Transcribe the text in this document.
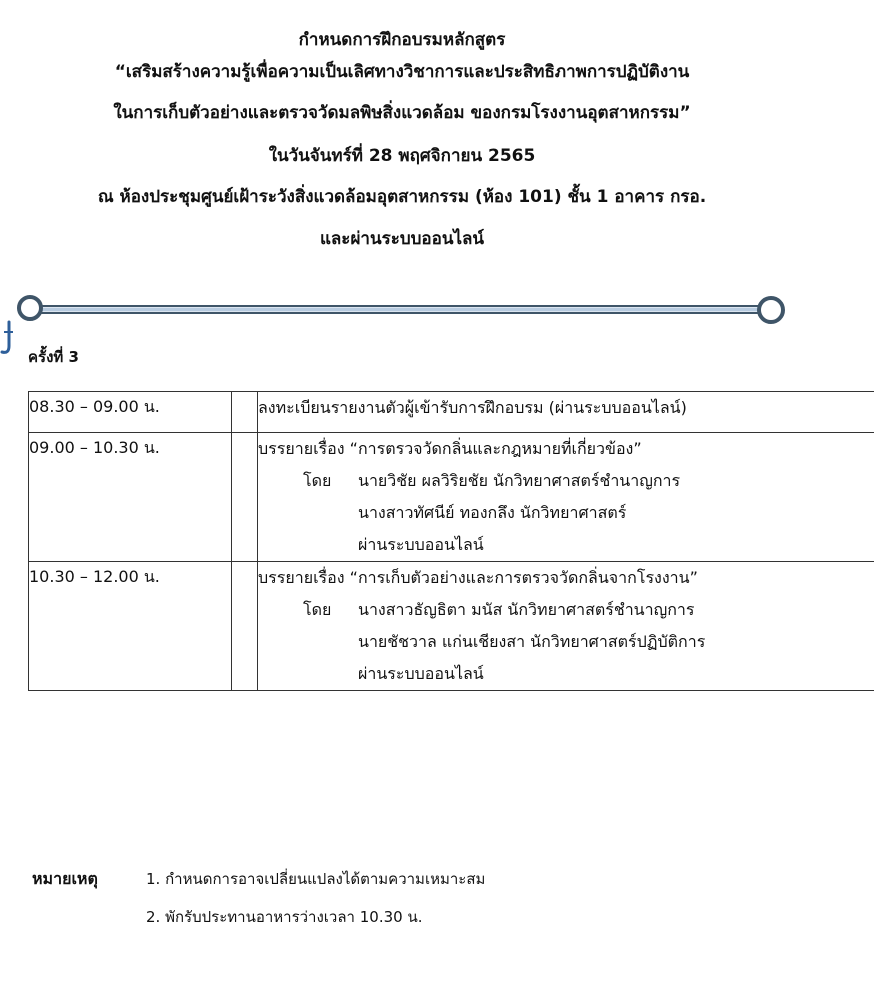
กำหนดการฝึกอบรมหลักสูตร
“เสริมสร้างความรู้เพื่อความเป็นเลิศทางวิชาการและประสิทธิภาพการปฏิบัติงาน
ในการเก็บตัวอย่างและตรวจวัดมลพิษสิ่งแวดล้อม ของกรมโรงงานอุตสาหกรรม”
ในวันจันทร์ที่ 28 พฤศจิกายน 2565
ณ ห้องประชุมศูนย์เฝ้าระวังสิ่งแวดล้อมอุตสาหกรรม (ห้อง 101) ชั้น 1 อาคาร กรอ.
และผ่านระบบออนไลน์
ครั้งที่ 3
08.30 – 09.00 น.		ลงทะเบียนรายงานตัวผู้เข้ารับการฝึกอบรม (ผ่านระบบออนไลน์)

09.00 – 10.30 น.		บรรยายเรื่อง “การตรวจวัดกลิ่นและกฎหมายที่เกี่ยวข้อง”
โดย นายวิชัย ผลวิริยชัย นักวิทยาศาสตร์ชำนาญการ
นางสาวทัศนีย์ ทองกลึง นักวิทยาศาสตร์
ผ่านระบบออนไลน์

10.30 – 12.00 น.		บรรยายเรื่อง “การเก็บตัวอย่างและการตรวจวัดกลิ่นจากโรงงาน”
โดย นางสาวธัญธิตา มนัส นักวิทยาศาสตร์ชำนาญการ
นายชัชวาล แก่นเชียงสา นักวิทยาศาสตร์ปฏิบัติการ
ผ่านระบบออนไลน์
หมายเหตุ	1. กำหนดการอาจเปลี่ยนแปลงได้ตามความเหมาะสม
2. พักรับประทานอาหารว่างเวลา 10.30 น.
